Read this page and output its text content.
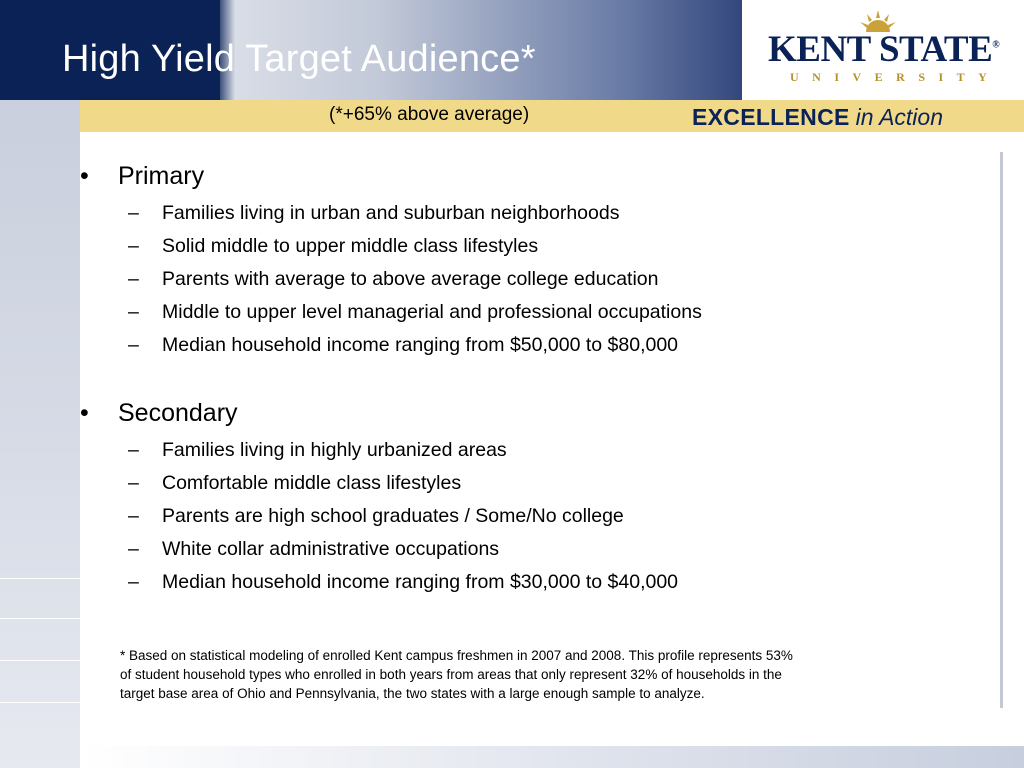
High Yield Target Audience*	KENT STATE®
UNIVERSITY
(*+65% above average)	EXCELLENCE in Action
•	Primary
–	Families living in urban and suburban neighborhoods
–	Solid middle to upper middle class lifestyles
–	Parents with average to above average college education
–	Middle to upper level managerial and professional occupations
–	Median household income ranging from $50,000 to $80,000
•	Secondary
–	Families living in highly urbanized areas
–	Comfortable middle class lifestyles
–	Parents are high school graduates / Some/No college
–	White collar administrative occupations
–	Median household income ranging from $30,000 to $40,000
* Based on statistical modeling of enrolled Kent campus freshmen in 2007 and 2008. This profile represents 53%
of student household types who enrolled in both years from areas that only represent 32% of households in the
target base area of Ohio and Pennsylvania, the two states with a large enough sample to analyze.
